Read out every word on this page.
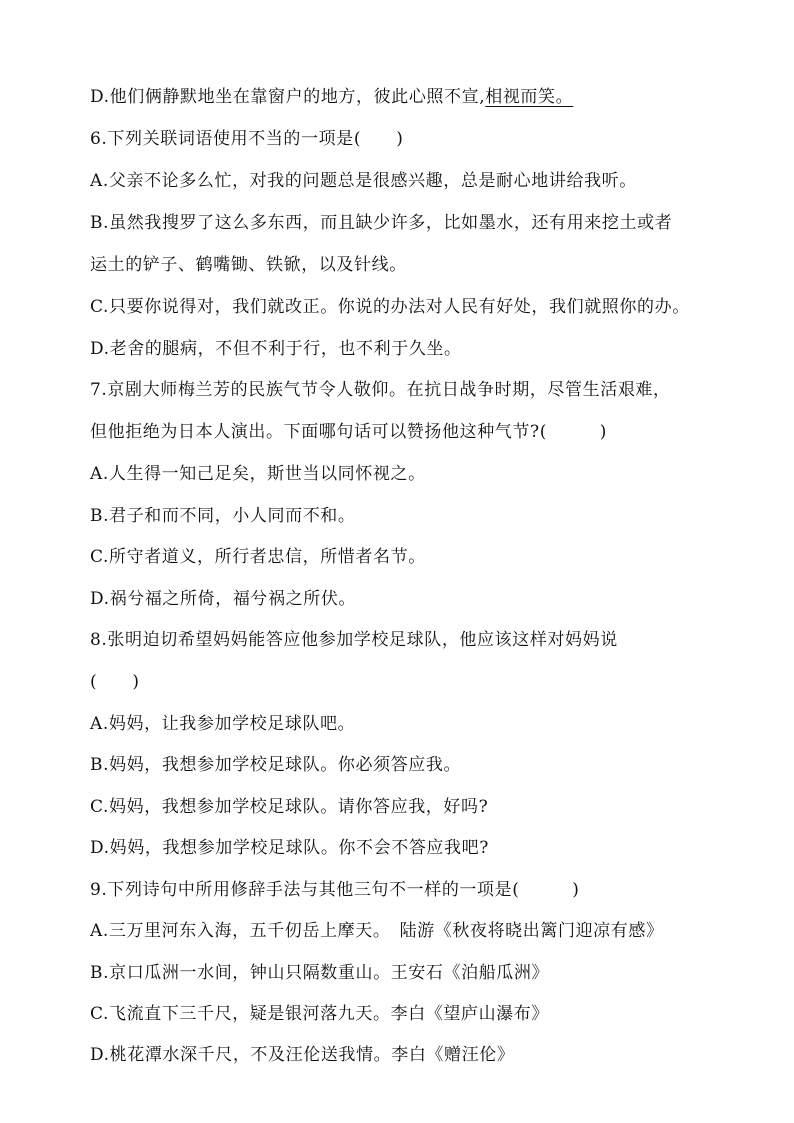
D.他们俩静默地坐在靠窗户的地方，彼此心照不宣,相视而笑。
6.下列关联词语使用不当的一项是(　　)
A.父亲不论多么忙，对我的问题总是很感兴趣，总是耐心地讲给我听。
B.虽然我搜罗了这么多东西，而且缺少许多，比如墨水，还有用来挖土或者
运土的铲子、鹤嘴锄、铁锨，以及针线。
C.只要你说得对，我们就改正。你说的办法对人民有好处，我们就照你的办。
D.老舍的腿病，不但不利于行，也不利于久坐。
7.京剧大师梅兰芳的民族气节令人敬仰。在抗日战争时期，尽管生活艰难，
但他拒绝为日本人演出。下面哪句话可以赞扬他这种气节?(　　　)
A.人生得一知己足矣，斯世当以同怀视之。
B.君子和而不同，小人同而不和。
C.所守者道义，所行者忠信，所惜者名节。
D.祸兮福之所倚，福兮祸之所伏。
8.张明迫切希望妈妈能答应他参加学校足球队，他应该这样对妈妈说
(　　)
A.妈妈，让我参加学校足球队吧。
B.妈妈，我想参加学校足球队。你必须答应我。
C.妈妈，我想参加学校足球队。请你答应我，好吗?
D.妈妈，我想参加学校足球队。你不会不答应我吧?
9.下列诗句中所用修辞手法与其他三句不一样的一项是(　　　)
A.三万里河东入海，五千仞岳上摩天。　陆游《秋夜将晓出篱门迎凉有感》
B.京口瓜洲一水间，钟山只隔数重山。王安石《泊船瓜洲》
C.飞流直下三千尺，疑是银河落九天。李白《望庐山瀑布》
D.桃花潭水深千尺，不及汪伦送我情。李白《赠汪伦》
